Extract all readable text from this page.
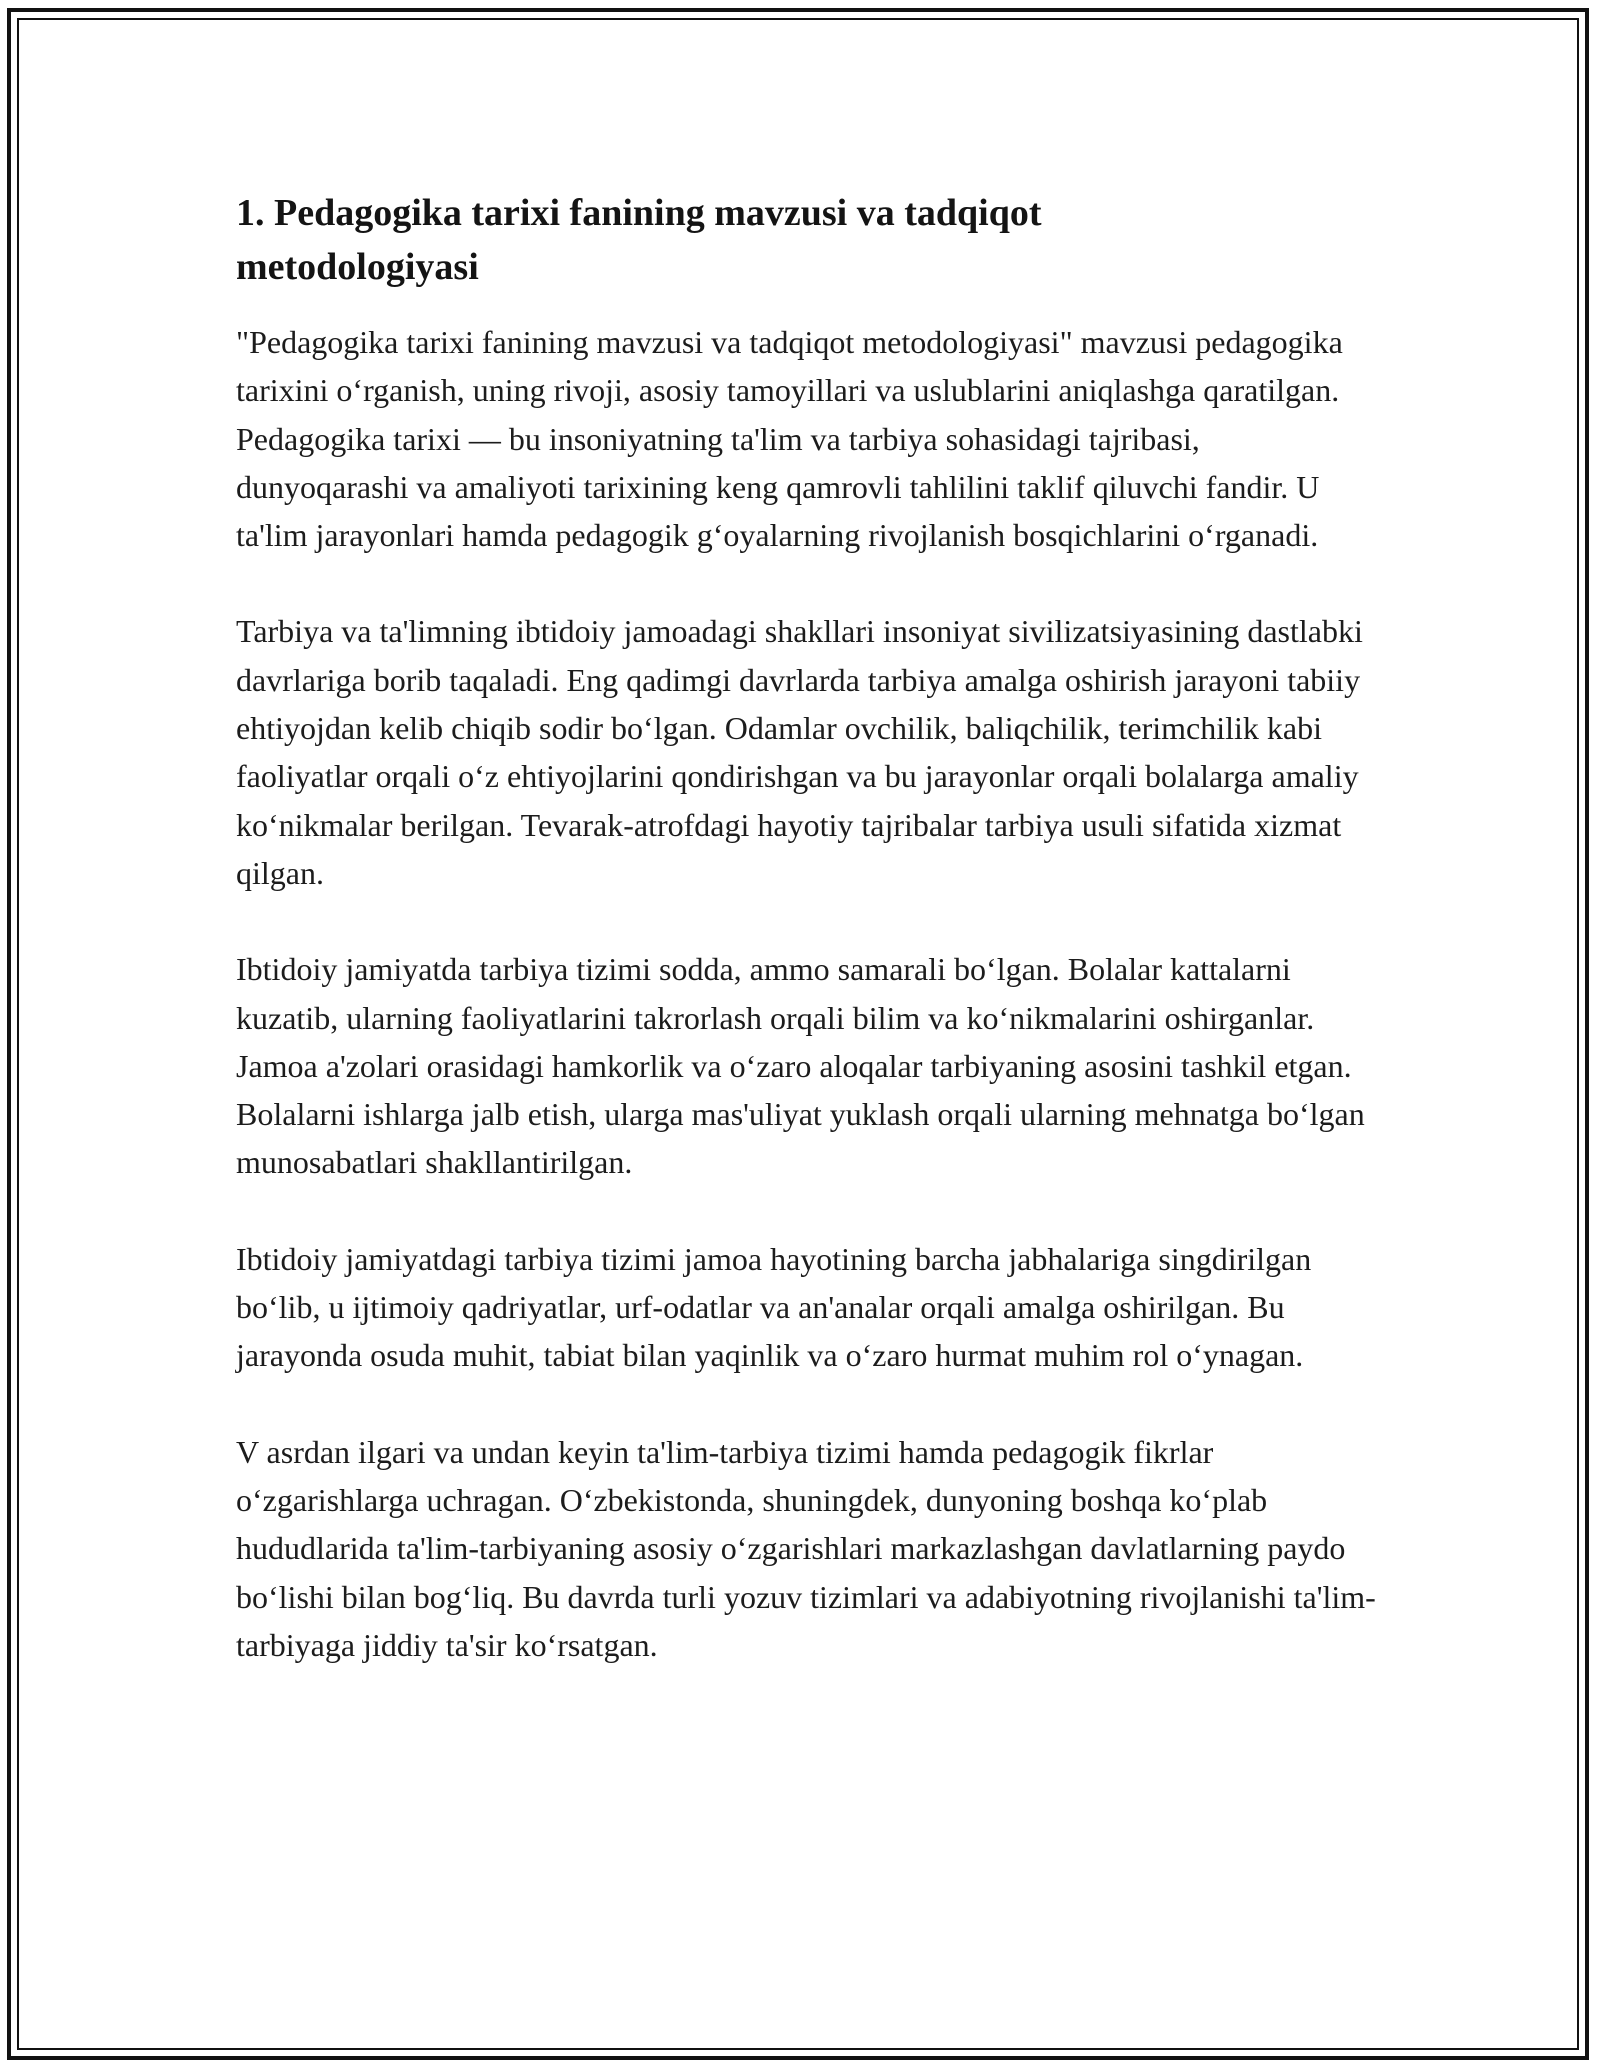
1. Pedagogika tarixi fanining mavzusi va tadqiqot
metodologiyasi

"Pedagogika tarixi fanining mavzusi va tadqiqot metodologiyasi" mavzusi pedagogika tarixini o‘rganish, uning rivoji, asosiy tamoyillari va uslublarini aniqlashga qaratilgan. Pedagogika tarixi — bu insoniyatning ta'lim va tarbiya sohasidagi tajribasi, dunyoqarashi va amaliyoti tarixining keng qamrovli tahlilini taklif qiluvchi fandir. U ta'lim jarayonlari hamda pedagogik g‘oyalarning rivojlanish bosqichlarini o‘rganadi.

Tarbiya va ta'limning ibtidoiy jamoadagi shakllari insoniyat sivilizatsiyasining dastlabki davrlariga borib taqaladi. Eng qadimgi davrlarda tarbiya amalga oshirish jarayoni tabiiy ehtiyojdan kelib chiqib sodir bo‘lgan. Odamlar ovchilik, baliqchilik, terimchilik kabi faoliyatlar orqali o‘z ehtiyojlarini qondirishgan va bu jarayonlar orqali bolalarga amaliy ko‘nikmalar berilgan. Tevarak-atrofdagi hayotiy tajribalar tarbiya usuli sifatida xizmat qilgan.

Ibtidoiy jamiyatda tarbiya tizimi sodda, ammo samarali bo‘lgan. Bolalar kattalarni kuzatib, ularning faoliyatlarini takrorlash orqali bilim va ko‘nikmalarini oshirganlar. Jamoa a'zolari orasidagi hamkorlik va o‘zaro aloqalar tarbiyaning asosini tashkil etgan. Bolalarni ishlarga jalb etish, ularga mas'uliyat yuklash orqali ularning mehnatga bo‘lgan munosabatlari shakllantirilgan.

Ibtidoiy jamiyatdagi tarbiya tizimi jamoa hayotining barcha jabhalariga singdirilgan bo‘lib, u ijtimoiy qadriyatlar, urf-odatlar va an'analar orqali amalga oshirilgan. Bu jarayonda osuda muhit, tabiat bilan yaqinlik va o‘zaro hurmat muhim rol o‘ynagan.

V asrdan ilgari va undan keyin ta'lim-tarbiya tizimi hamda pedagogik fikrlar o‘zgarishlarga uchragan. O‘zbekistonda, shuningdek, dunyoning boshqa ko‘plab hududlarida ta'lim-tarbiyaning asosiy o‘zgarishlari markazlashgan davlatlarning paydo bo‘lishi bilan bog‘liq. Bu davrda turli yozuv tizimlari va adabiyotning rivojlanishi ta'lim-tarbiyaga jiddiy ta'sir ko‘rsatgan.
